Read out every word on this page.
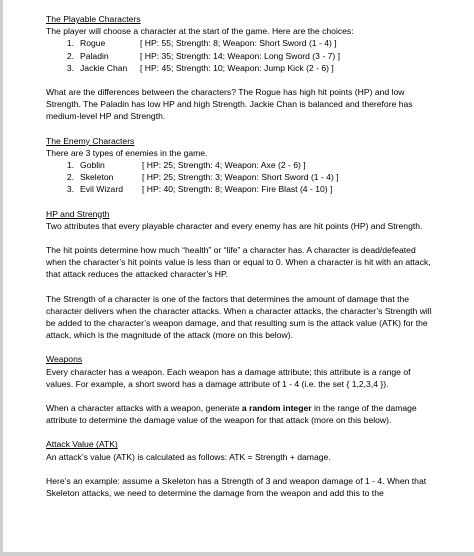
The Playable Characters

The player will choose a character at the start of the game. Here are the choices:

1. Rogue	[ HP: 55; Strength: 8; Weapon: Short Sword (1 - 4) ]
2. Paladin	[ HP: 35; Strength: 14; Weapon: Long Sword (3 - 7) ]
3. Jackie Chan	[ HP: 45; Strength: 10; Weapon: Jump Kick (2 - 6) ]

What are the differences between the characters? The Rogue has high hit points (HP) and low Strength. The Paladin has low HP and high Strength. Jackie Chan is balanced and therefore has medium-level HP and Strength.

The Enemy Characters

There are 3 types of enemies in the game.

1. Goblin	[ HP: 25; Strength: 4; Weapon: Axe (2 - 6) ]
2. Skeleton	[ HP: 25; Strength: 3; Weapon: Short Sword (1 - 4) ]
3. Evil Wizard	[ HP: 40; Strength: 8; Weapon: Fire Blast (4 - 10) ]

HP and Strength

Two attributes that every playable character and every enemy has are hit points (HP) and Strength.

The hit points determine how much “health” or “life” a character has. A character is dead/defeated when the character’s hit points value is less than or equal to 0. When a character is hit with an attack, that attack reduces the attacked character’s HP.

The Strength of a character is one of the factors that determines the amount of damage that the character delivers when the character attacks. When a character attacks, the character’s Strength will be added to the character’s weapon damage, and that resulting sum is the attack value (ATK) for the attack, which is the magnitude of the attack (more on this below).

Weapons

Every character has a weapon. Each weapon has a damage attribute; this attribute is a range of values. For example, a short sword has a damage attribute of 1 - 4 (i.e. the set { 1,2,3,4 }).

When a character attacks with a weapon, generate a random integer in the range of the damage attribute to determine the damage value of the weapon for that attack (more on this below).

Attack Value (ATK)

An attack’s value (ATK) is calculated as follows: ATK = Strength + damage.

Here’s an example: assume a Skeleton has a Strength of 3 and weapon damage of 1 - 4. When that Skeleton attacks, we need to determine the damage from the weapon and add this to the
